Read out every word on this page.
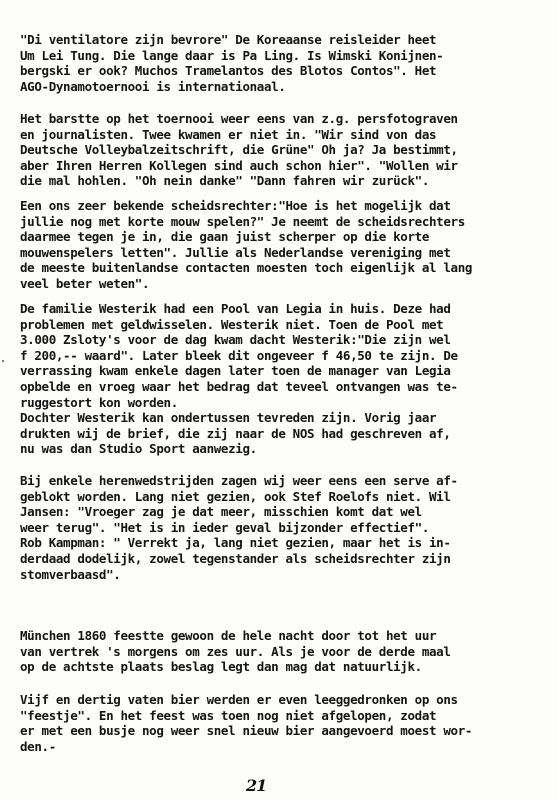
"Di ventilatore zijn bevrore" De Koreaanse reisleider heet
Um Lei Tung. Die lange daar is Pa Ling. Is Wimski Konijnen-
bergski er ook? Muchos Tramelantos des Blotos Contos". Het
AGO-Dynamotoernooi is internationaal.
Het barstte op het toernooi weer eens van z.g. persfotograven
en journalisten. Twee kwamen er niet in. "Wir sind von das
Deutsche Volleybalzeitschrift, die Grüne" Oh ja? Ja bestimmt,
aber Ihren Herren Kollegen sind auch schon hier". "Wollen wir
die mal hohlen. "Oh nein danke" "Dann fahren wir zurück".
Een ons zeer bekende scheidsrechter:"Hoe is het mogelijk dat
jullie nog met korte mouw spelen?" Je neemt de scheidsrechters
daarmee tegen je in, die gaan juist scherper op die korte
mouwenspelers letten". Jullie als Nederlandse vereniging met
de meeste buitenlandse contacten moesten toch eigenlijk al lang
veel beter weten".
De familie Westerik had een Pool van Legia in huis. Deze had
problemen met geldwisselen. Westerik niet. Toen de Pool met
3.000 Zsloty's voor de dag kwam dacht Westerik:"Die zijn wel
f 200,-- waard". Later bleek dit ongeveer f 46,50 te zijn. De
verrassing kwam enkele dagen later toen de manager van Legia
opbelde en vroeg waar het bedrag dat teveel ontvangen was te-
ruggestort kon worden.
Dochter Westerik kan ondertussen tevreden zijn. Vorig jaar
drukten wij de brief, die zij naar de NOS had geschreven af,
nu was dan Studio Sport aanwezig.
Bij enkele herenwedstrijden zagen wij weer eens een serve af-
geblokt worden. Lang niet gezien, ook Stef Roelofs niet. Wil
Jansen: "Vroeger zag je dat meer, misschien komt dat wel
weer terug". "Het is in ieder geval bijzonder effectief".
Rob Kampman: " Verrekt ja, lang niet gezien, maar het is in-
derdaad dodelijk, zowel tegenstander als scheidsrechter zijn
stomverbaasd".
München 1860 feestte gewoon de hele nacht door tot het uur
van vertrek 's morgens om zes uur. Als je voor de derde maal
op de achtste plaats beslag legt dan mag dat natuurlijk.
Vijf en dertig vaten bier werden er even leeggedronken op ons
"feestje". En het feest was toen nog niet afgelopen, zodat
er met een busje nog weer snel nieuw bier aangevoerd moest wor-
den.-
21
